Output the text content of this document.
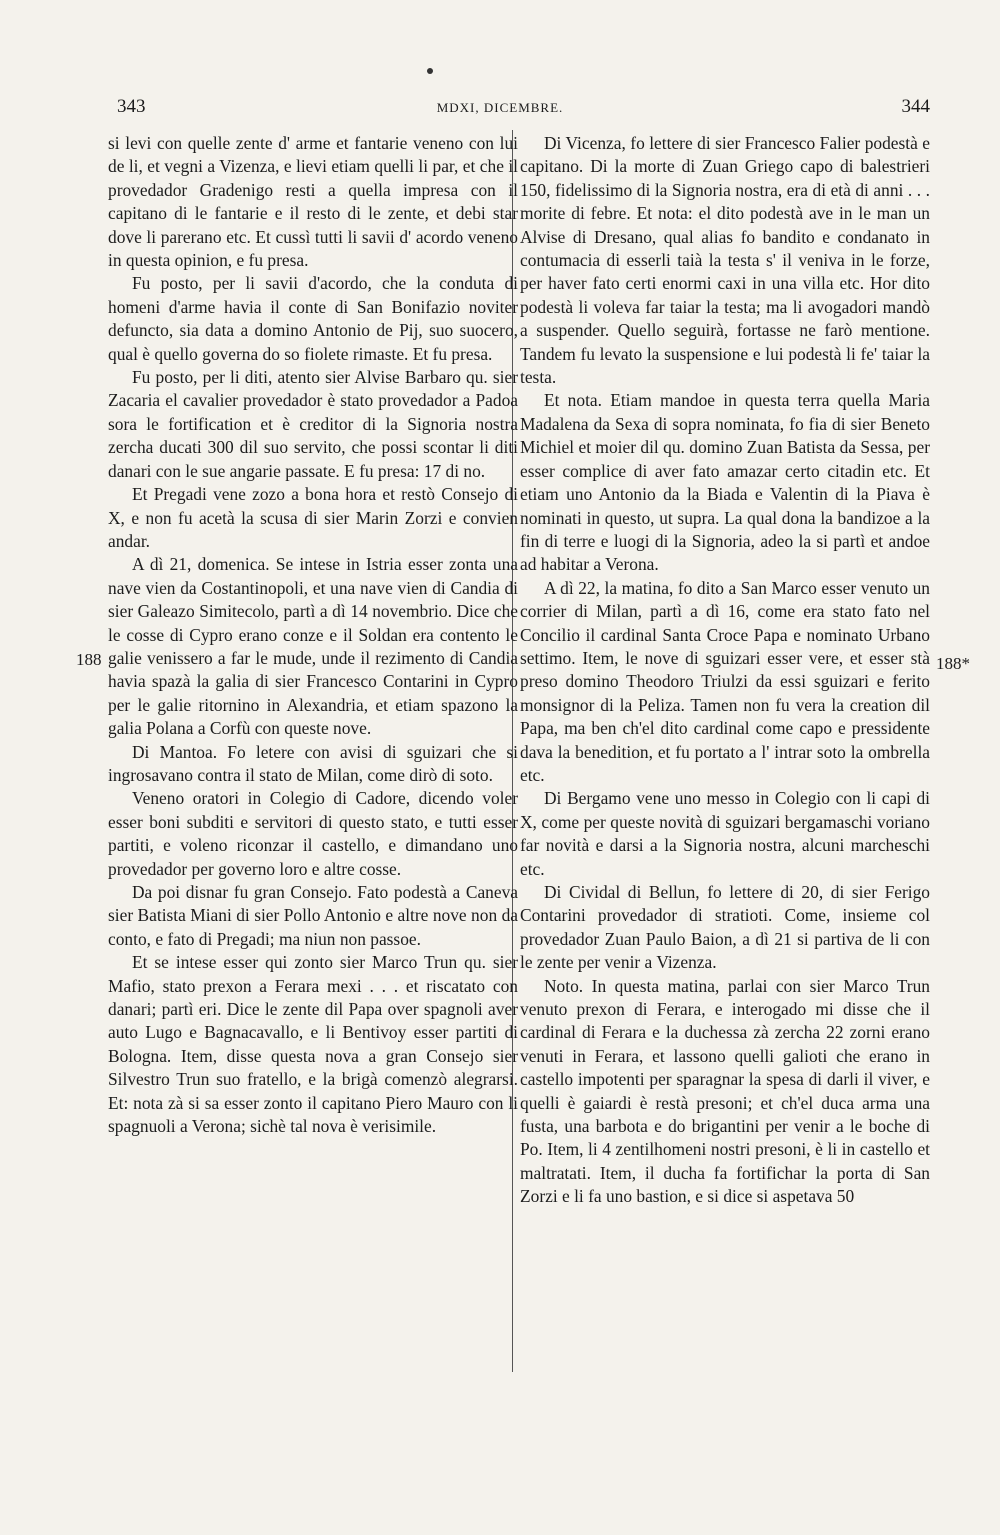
343	MDXI, DICEMBRE.	344
188	188*

si levi con quelle zente d' arme et fantarie veneno con lui de li, et vegni a Vizenza, e lievi etiam quelli li par, et che il provedador Gradenigo resti a quella impresa con il capitano di le fantarie e il resto di le zente, et debi star dove li parerano etc. Et cussì tutti li savii d' acordo veneno in questa opinion, e fu presa.

Fu posto, per li savii d'acordo, che la conduta di homeni d'arme havia il conte di San Bonifazio noviter defuncto, sia data a domino Antonio de Pij, suo suocero, qual è quello governa do so fiolete rimaste. Et fu presa.

Fu posto, per li diti, atento sier Alvise Barbaro qu. sier Zacaria el cavalier provedador è stato provedador a Padoa sora le fortification et è creditor di la Signoria nostra zercha ducati 300 dil suo servito, che possi scontar li diti danari con le sue angarie passate. E fu presa: 17 di no.

Et Pregadi vene zozo a bona hora et restò Consejo di X, e non fu acetà la scusa di sier Marin Zorzi e convien andar.

A dì 21, domenica. Se intese in Istria esser zonta una nave vien da Costantinopoli, et una nave vien di Candia di sier Galeazo Simitecolo, partì a dì 14 novembrio. Dice che le cosse di Cypro erano conze e il Soldan era contento le galie venissero a far le mude, unde il rezimento di Candia havia spazà la galia di sier Francesco Contarini in Cypro per le galie ritornino in Alexandria, et etiam spazono la galia Polana a Corfù con queste nove.

Di Mantoa. Fo letere con avisi di sguizari che si ingrosavano contra il stato de Milan, come dirò di soto.

Veneno oratori in Colegio di Cadore, dicendo voler esser boni subditi e servitori di questo stato, e tutti esser partiti, e voleno riconzar il castello, e dimandano uno provedador per governo loro e altre cosse.

Da poi disnar fu gran Consejo. Fato podestà a Caneva sier Batista Miani di sier Pollo Antonio e altre nove non da conto, e fato di Pregadi; ma niun non passoe.

Et se intese esser qui zonto sier Marco Trun qu. sier Mafio, stato prexon a Ferara mexi . . . et riscatato con danari; partì eri. Dice le zente dil Papa over spagnoli aver auto Lugo e Bagnacavallo, e li Bentivoy esser partiti di Bologna. Item, disse questa nova a gran Consejo sier Silvestro Trun suo fratello, e la brigà comenzò alegrarsi. Et: nota zà si sa esser zonto il capitano Piero Mauro con li spagnuoli a Verona; sichè tal nova è verisimile.

Di Vicenza, fo lettere di sier Francesco Falier podestà e capitano. Di la morte di Zuan Griego capo di balestrieri 150, fidelissimo di la Signoria nostra, era di età di anni . . . morite di febre. Et nota: el dito podestà ave in le man un Alvise di Dresano, qual alias fo bandito e condanato in contumacia di esserli taià la testa s' il veniva in le forze, per haver fato certi enormi caxi in una villa etc. Hor dito podestà li voleva far taiar la testa; ma li avogadori mandò a suspender. Quello seguirà, fortasse ne farò mentione. Tandem fu levato la suspensione e lui podestà li fe' taiar la testa.

Et nota. Etiam mandoe in questa terra quella Maria Madalena da Sexa di sopra nominata, fo fia di sier Beneto Michiel et moier dil qu. domino Zuan Batista da Sessa, per esser complice di aver fato amazar certo citadin etc. Et etiam uno Antonio da la Biada e Valentin di la Piava è nominati in questo, ut supra. La qual dona la bandizoe a la fin di terre e luogi di la Signoria, adeo la si partì et andoe ad habitar a Verona.

A dì 22, la matina, fo dito a San Marco esser venuto un corrier di Milan, partì a dì 16, come era stato fato nel Concilio il cardinal Santa Croce Papa e nominato Urbano settimo. Item, le nove di sguizari esser vere, et esser stà preso domino Theodoro Triulzi da essi sguizari e ferito monsignor di la Peliza. Tamen non fu vera la creation dil Papa, ma ben ch'el dito cardinal come capo e pressidente dava la benedition, et fu portato a l' intrar soto la ombrella etc.

Di Bergamo vene uno messo in Colegio con li capi di X, come per queste novità di sguizari bergamaschi voriano far novità e darsi a la Signoria nostra, alcuni marcheschi etc.

Di Cividal di Bellun, fo lettere di 20, di sier Ferigo Contarini provedador di stratioti. Come, insieme col provedador Zuan Paulo Baion, a dì 21 si partiva de li con le zente per venir a Vizenza.

Noto. In questa matina, parlai con sier Marco Trun venuto prexon di Ferara, e interogado mi disse che il cardinal di Ferara e la duchessa zà zercha 22 zorni erano venuti in Ferara, et lassono quelli galioti che erano in castello impotenti per sparagnar la spesa di darli il viver, e quelli è gaiardi è restà presoni; et ch'el duca arma una fusta, una barbota e do brigantini per venir a le boche di Po. Item, li 4 zentilhomeni nostri presoni, è li in castello et maltratati. Item, il ducha fa fortifichar la porta di San Zorzi e li fa uno bastion, e si dice si aspetava 50
